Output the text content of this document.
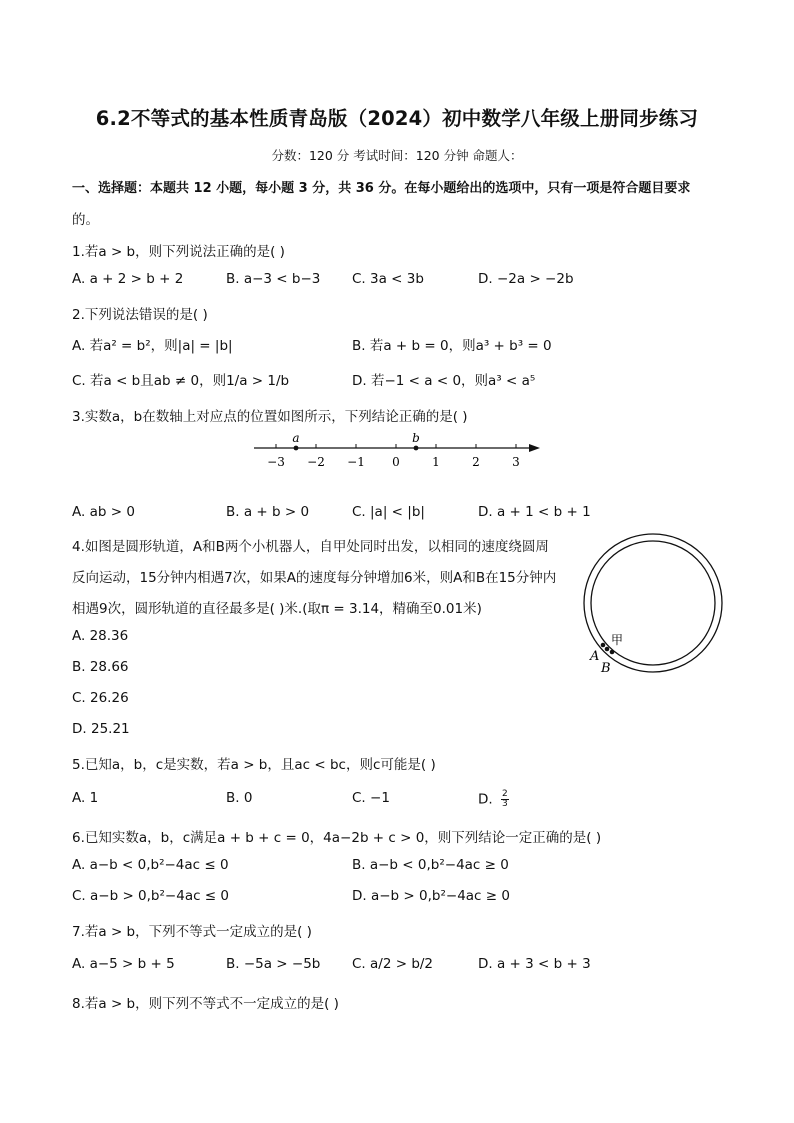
6.2不等式的基本性质青岛版（2024）初中数学八年级上册同步练习
分数：120 分 考试时间：120 分钟 命题人：
一、选择题：本题共 12 小题，每小题 3 分，共 36 分。在每小题给出的选项中，只有一项是符合题目要求
的。
1.若a > b，则下列说法正确的是( )
A. a + 2 > b + 2	B. a−3 < b−3 C. 3a < 3b	D. −2a > −2b
2.下列说法错误的是( )
A. 若a² = b²，则|a| = |b|	B. 若a + b = 0，则a³ + b³ = 0
C. 若a < b且ab ≠ 0，则1/a > 1/b	D. 若−1 < a < 0，则a³ < a⁵
3.实数a，b在数轴上对应点的位置如图所示，下列结论正确的是( )
−3 −2 −1 0	1	2	3
a	b
A. ab > 0	B. a + b > 0	C. |a| < |b|	D. a + 1 < b + 1
4.如图是圆形轨道，A和B两个小机器人，自甲处同时出发，以相同的速度绕圆周
反向运动，15分钟内相遇7次，如果A的速度每分钟增加6米，则A和B在15分钟内
相遇9次，圆形轨道的直径最多是( )米.(取π = 3.14，精确至0.01米)
A. 28.36
B. 28.66
C. 26.26
D. 25.21
甲
A
B
5.已知a，b，c是实数，若a > b，且ac < bc，则c可能是( )
A. 1	B. 0	C. −1	D. $\frac{2}{3}$
6.已知实数a，b，c满足a + b + c = 0，4a−2b + c > 0，则下列结论一定正确的是( )
A. a−b < 0,b²−4ac ≤ 0	B. a−b < 0,b²−4ac ≥ 0
C. a−b > 0,b²−4ac ≤ 0	D. a−b > 0,b²−4ac ≥ 0
7.若a > b，下列不等式一定成立的是( )
A. a−5 > b + 5	B. −5a > −5b C. a/2 > b/2	D. a + 3 < b + 3
8.若a > b，则下列不等式不一定成立的是( )
